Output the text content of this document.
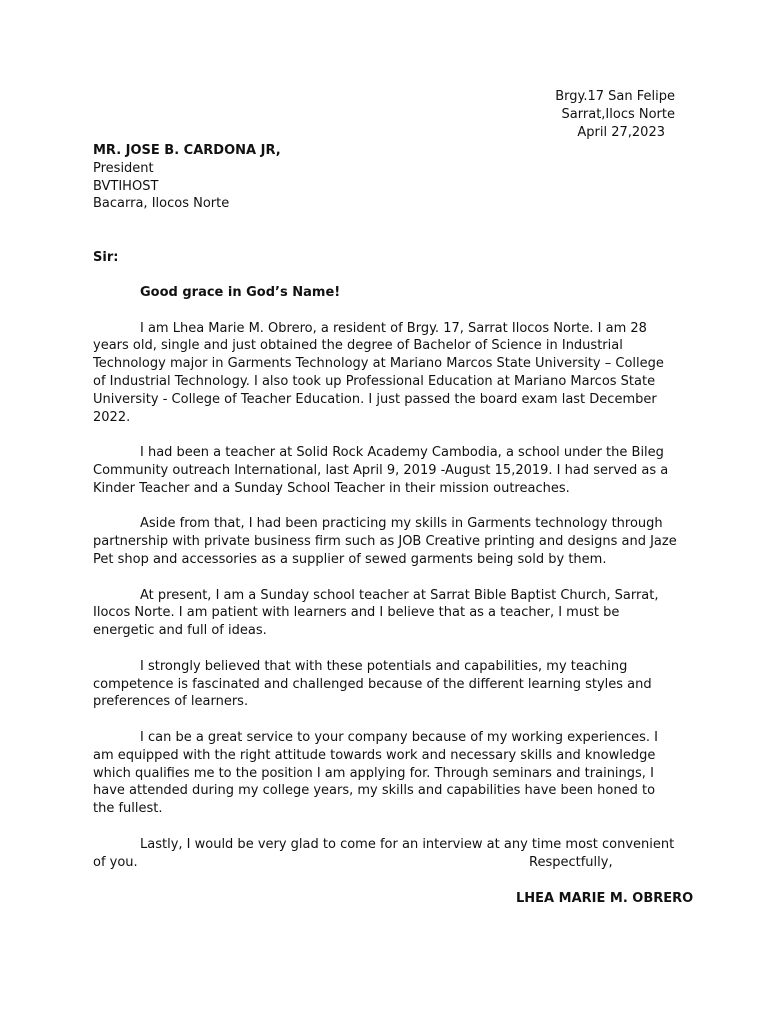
Brgy.17 San Felipe
Sarrat,Ilocs Norte
April 27,2023
MR. JOSE B. CARDONA JR,
President
BVTIHOST
Bacarra, Ilocos Norte
Sir:

Good grace in God’s Name!

I am Lhea Marie M. Obrero, a resident of Brgy. 17, Sarrat Ilocos Norte. I am 28 years old, single and just obtained the degree of Bachelor of Science in Industrial Technology major in Garments Technology at Mariano Marcos State University – College of Industrial Technology. I also took up Professional Education at Mariano Marcos State University - College of Teacher Education. I just passed the board exam last December 2022.

I had been a teacher at Solid Rock Academy Cambodia, a school under the Bileg Community outreach International, last April 9, 2019 -August 15,2019. I had served as a Kinder Teacher and a Sunday School Teacher in their mission outreaches.

Aside from that, I had been practicing my skills in Garments technology through partnership with private business firm such as JOB Creative printing and designs and Jaze Pet shop and accessories as a supplier of sewed garments being sold by them.

At present, I am a Sunday school teacher at Sarrat Bible Baptist Church, Sarrat, Ilocos Norte. I am patient with learners and I believe that as a teacher, I must be energetic and full of ideas.

I strongly believed that with these potentials and capabilities, my teaching competence is fascinated and challenged because of the different learning styles and preferences of learners.

I can be a great service to your company because of my working experiences. I am equipped with the right attitude towards work and necessary skills and knowledge which qualifies me to the position I am applying for. Through seminars and trainings, I have attended during my college years, my skills and capabilities have been honed to the fullest.

Lastly, I would be very glad to come for an interview at any time most convenient of you.	Respectfully,
LHEA MARIE M. OBRERO
